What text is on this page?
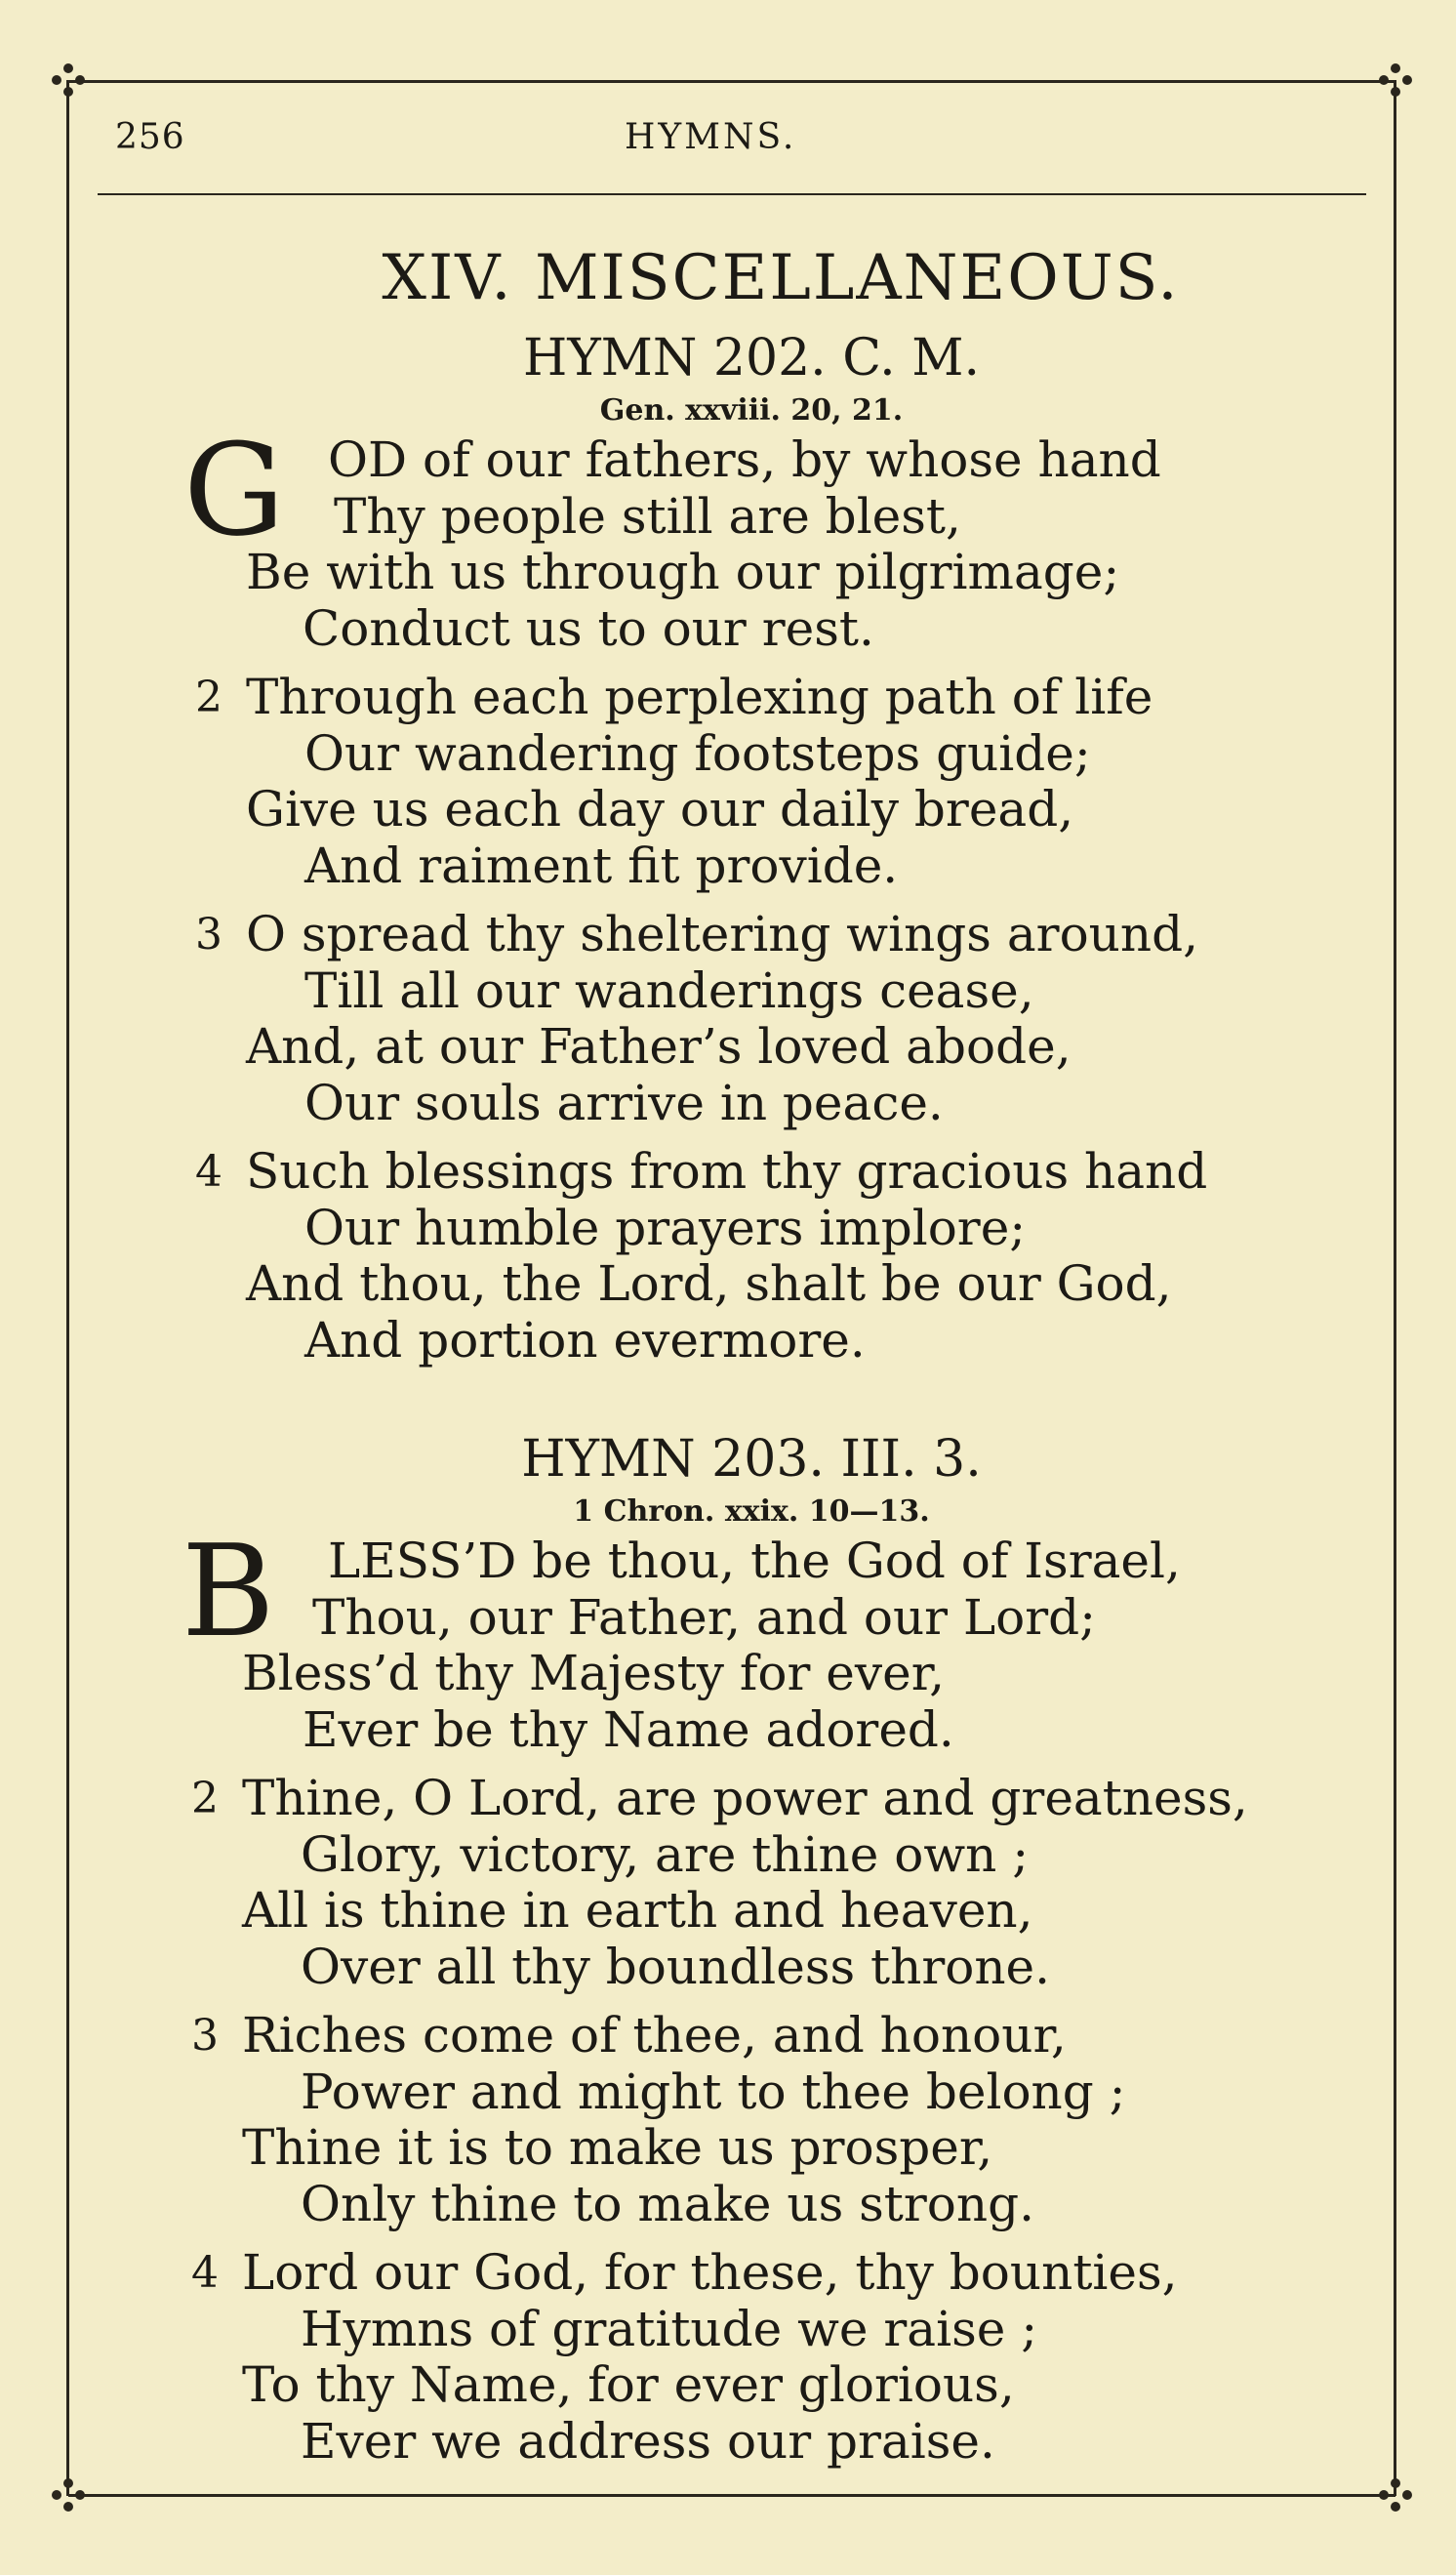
256	HYMNS.
XIV. MISCELLANEOUS.
HYMN 202. C. M.
Gen. xxviii. 20, 21.
G OD of our fathers, by whose hand
Thy people still are blest,
Be with us through our pilgrimage;
Conduct us to our rest.
2 Through each perplexing path of life
Our wandering footsteps guide;
Give us each day our daily bread,
And raiment fit provide.
3 O spread thy sheltering wings around,
Till all our wanderings cease,
And, at our Father’s loved abode,
Our souls arrive in peace.
4 Such blessings from thy gracious hand
Our humble prayers implore;
And thou, the Lord, shalt be our God,
And portion evermore.
HYMN 203. III. 3.
1 Chron. xxix. 10—13.
B	LESS’D be thou, the God of Israel,
Thou, our Father, and our Lord;
Bless’d thy Majesty for ever,
Ever be thy Name adored.
2 Thine, O Lord, are power and greatness,
Glory, victory, are thine own ;
All is thine in earth and heaven,
Over all thy boundless throne.
3 Riches come of thee, and honour,
Power and might to thee belong ;
Thine it is to make us prosper,
Only thine to make us strong.
4 Lord our God, for these, thy bounties,
Hymns of gratitude we raise ;
To thy Name, for ever glorious,
Ever we address our praise.
